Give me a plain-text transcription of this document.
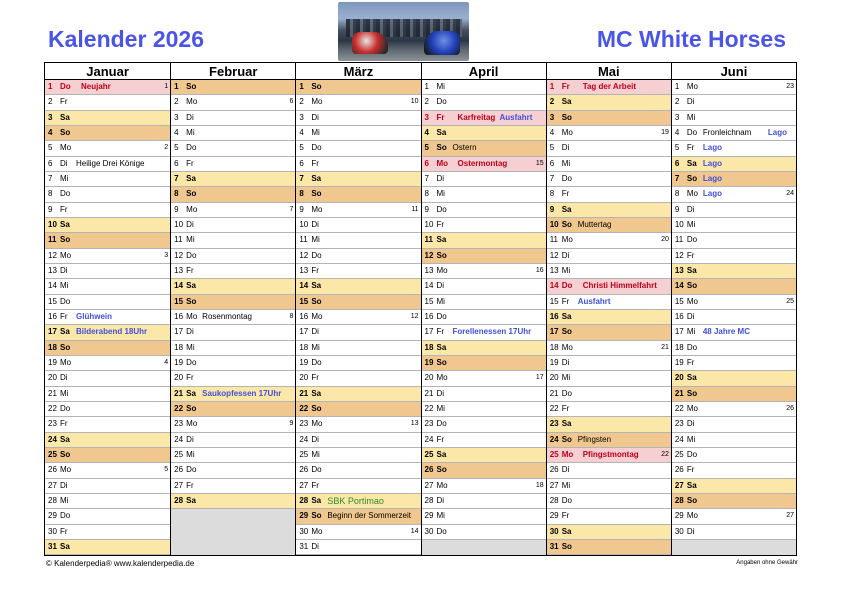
Kalender 2026	MC White Horses
Januar
1 Do Neujahr	1
2 Fr
3 Sa
4 So
5 Mo	2
6 Di Heilige Drei Könige
7 Mi
8 Do
9 Fr
10 Sa
11 So
12 Mo	3
13 Di
14 Mi
15 Do
16 Fr Glühwein
17 Sa Bilderabend 18Uhr
18 So
19 Mo	4
20 Di
21 Mi
22 Do
23 Fr
24 Sa
25 So
26 Mo	5
27 Di
28 Mi
29 Do
30 Fr
31 Sa
Februar
1 So
2 Mo	6
3 Di
4 Mi
5 Do
6 Fr
7 Sa
8 So
9 Mo	7
10 Di
11 Mi
12 Do
13 Fr
14 Sa
15 So
16 Mo Rosenmontag	8
17 Di
18 Mi
19 Do
20 Fr
21 Sa Saukopfessen 17Uhr
22 So
23 Mo	9
24 Di
25 Mi
26 Do
27 Fr
28 Sa
März
1 So
2 Mo	10
3 Di
4 Mi
5 Do
6 Fr
7 Sa
8 So
9 Mo	11
10 Di
11 Mi
12 Do
13 Fr
14 Sa
15 So
16 Mo	12
17 Di
18 Mi
19 Do
20 Fr
21 Sa
22 So
23 Mo	13
24 Di
25 Mi
26 Do
27 Fr
28 Sa SBK Portimao
29 So Beginn der Sommerzeit
30 Mo	14
31 Di
April
1 Mi
2 Do
3 Fr Karfreitag Ausfahrt
4 Sa
5 So Ostern
6 Mo Ostermontag	15
7 Di
8 Mi
9 Do
10 Fr
11 Sa
12 So
13 Mo	16
14 Di
15 Mi
16 Do
17 Fr Forellenessen 17Uhr
18 Sa
19 So
20 Mo	17
21 Di
22 Mi
23 Do
24 Fr
25 Sa
26 So
27 Mo	18
28 Di
29 Mi
30 Do
Mai
1 Fr Tag der Arbeit
2 Sa
3 So
4 Mo	19
5 Di
6 Mi
7 Do
8 Fr
9 Sa
10 So Muttertag
11 Mo	20
12 Di
13 Mi
14 Do Christi Himmelfahrt
15 Fr Ausfahrt
16 Sa
17 So
18 Mo	21
19 Di
20 Mi
21 Do
22 Fr
23 Sa
24 So Pfingsten
25 Mo Pfingstmontag	22
26 Di
27 Mi
28 Do
29 Fr
30 Sa
31 So
Juni
1 Mo	23
2 Di
3 Mi
4 Do Fronleichnam Lago
5 Fr Lago
6 Sa Lago
7 So Lago
8 Mo Lago	24
9 Di
10 Mi
11 Do
12 Fr
13 Sa
14 So
15 Mo	25
16 Di
17 Mi 48 Jahre MC
18 Do
19 Fr
20 Sa
21 So
22 Mo	26
23 Di
24 Mi
25 Do
26 Fr
27 Sa
28 So
29 Mo	27
30 Di
© Kalenderpedia® www.kalenderpedia.de	Angaben ohne Gewähr
